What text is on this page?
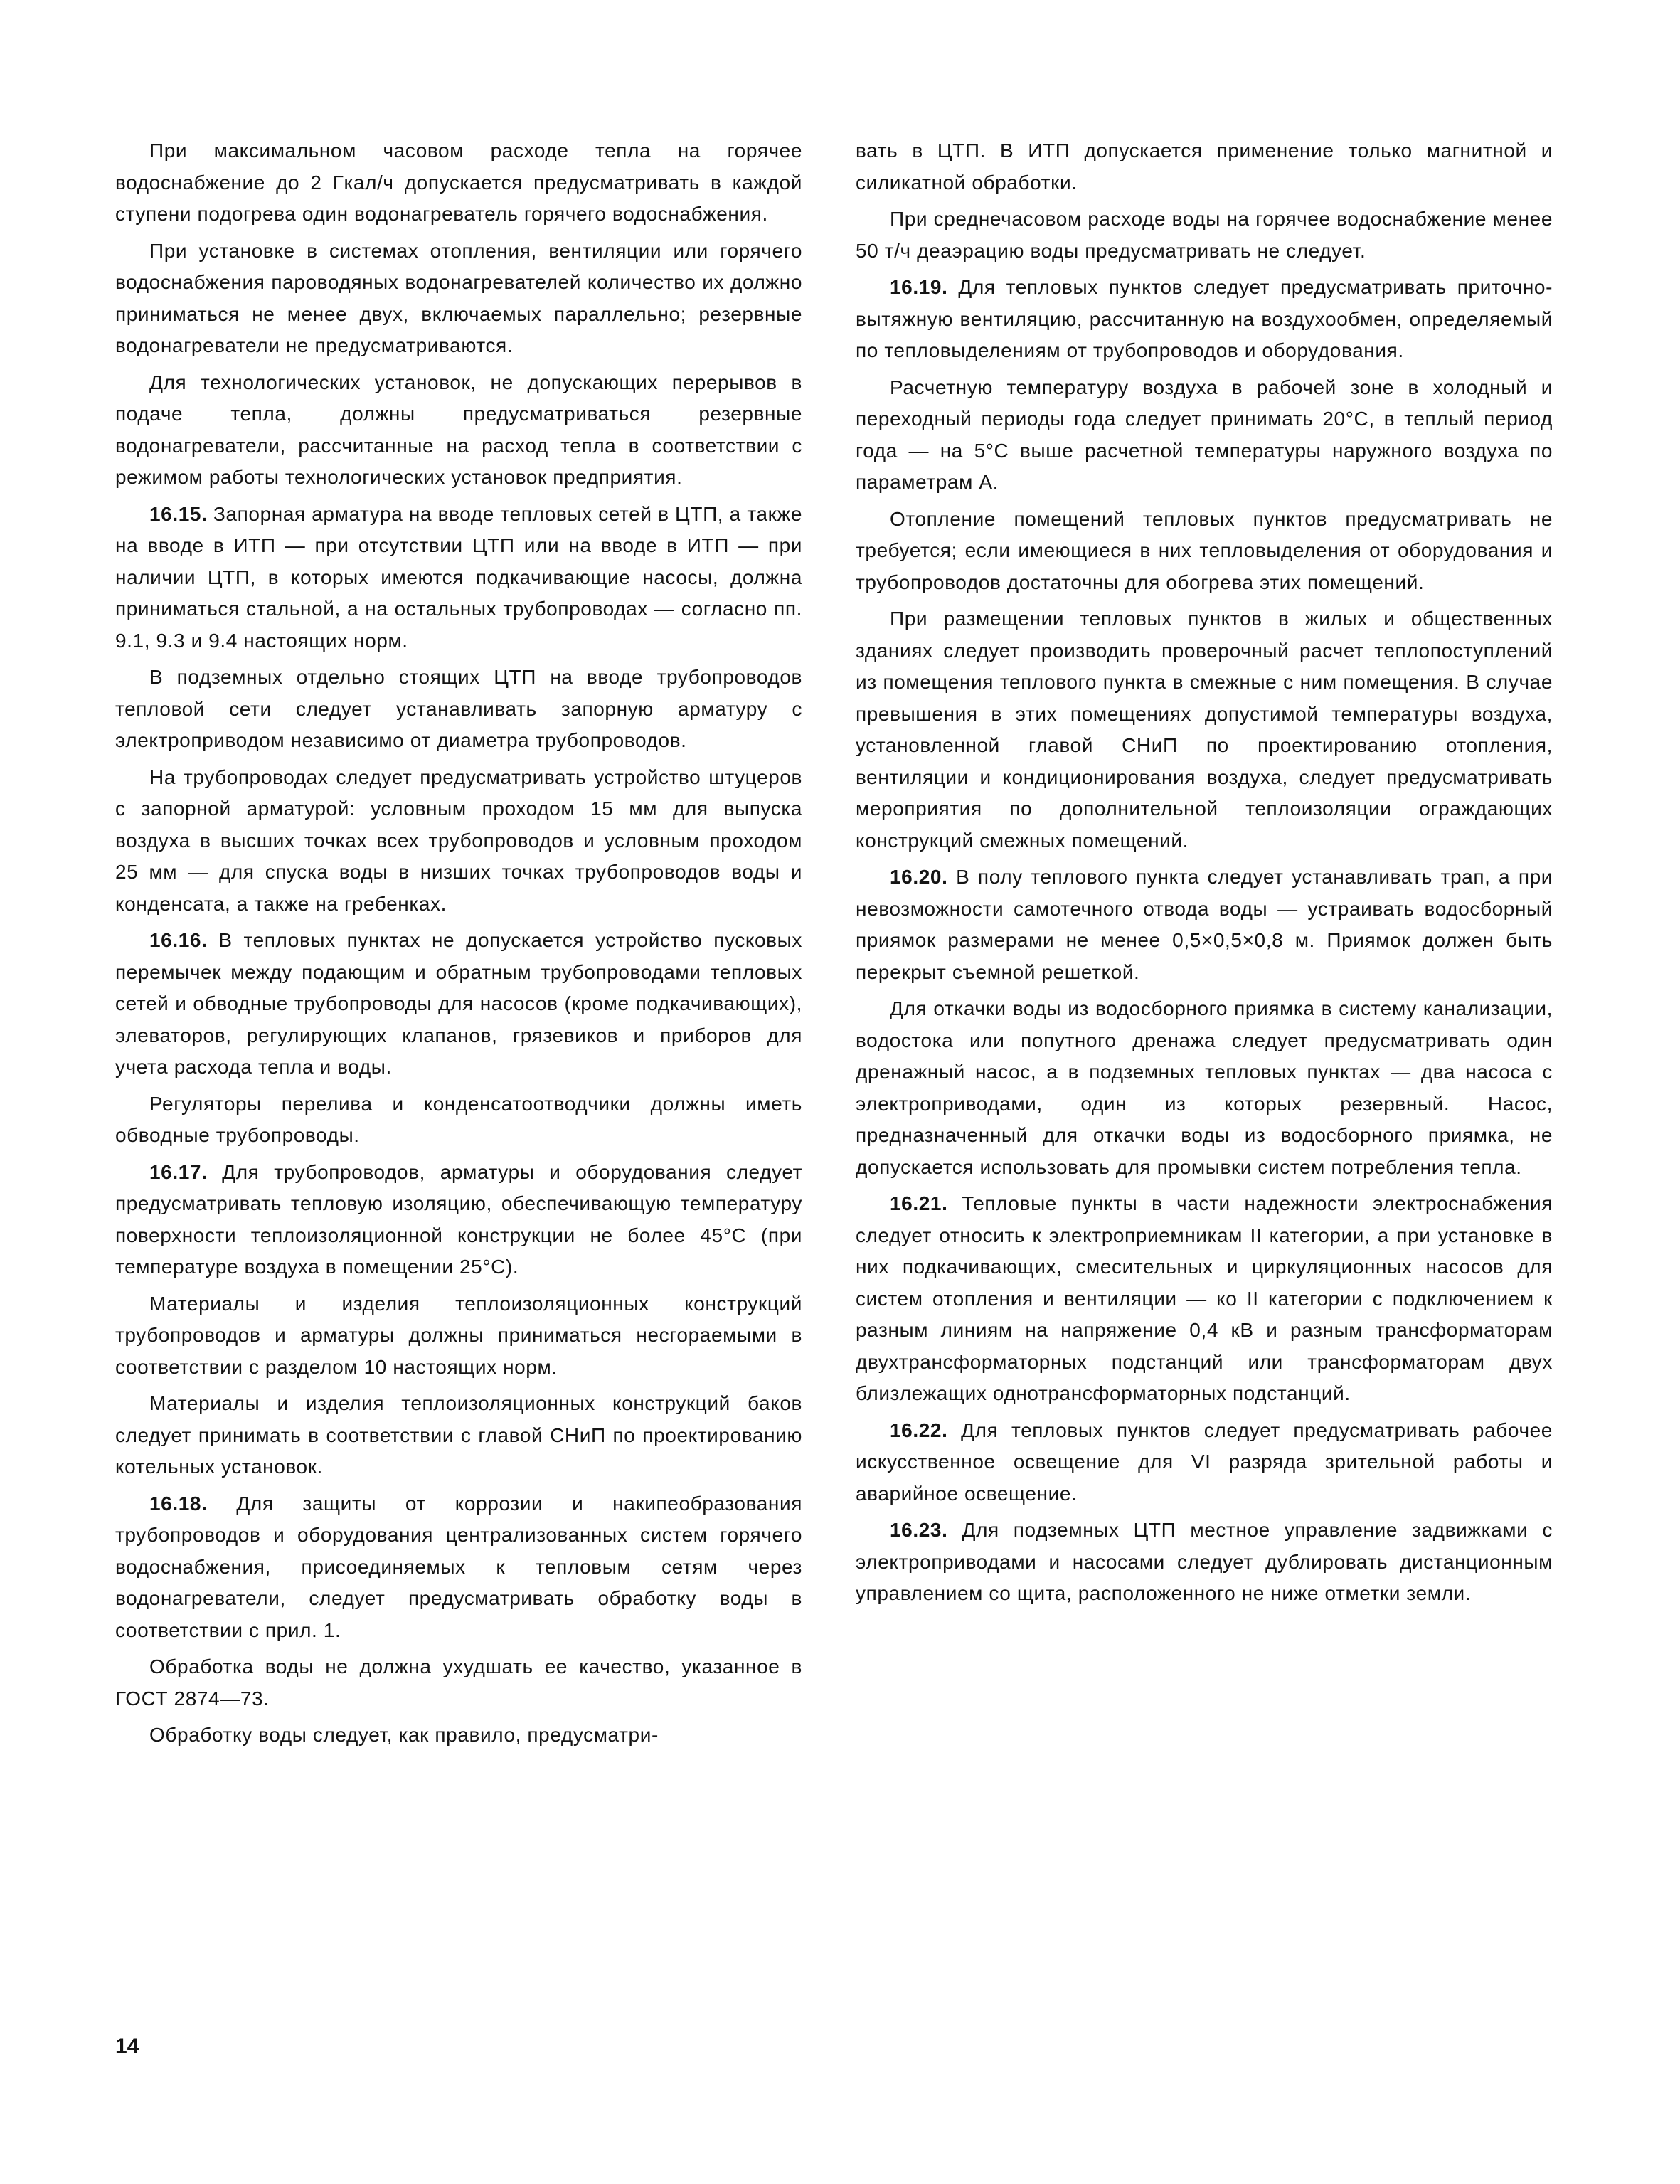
При максимальном часовом расходе тепла на горячее водоснабжение до 2 Гкал/ч допускается предусматривать в каждой ступени подогрева один водонагреватель горячего водоснабжения.

При установке в системах отопления, вентиляции или горячего водоснабжения пароводяных водонагревателей количество их должно приниматься не менее двух, включаемых параллельно; резервные водонагреватели не предусматриваются.

Для технологических установок, не допускающих перерывов в подаче тепла, должны предусматриваться резервные водонагреватели, рассчитанные на расход тепла в соответствии с режимом работы технологических установок предприятия.

16.15. Запорная арматура на вводе тепловых сетей в ЦТП, а также на вводе в ИТП — при отсутствии ЦТП или на вводе в ИТП — при наличии ЦТП, в которых имеются подкачивающие насосы, должна приниматься стальной, а на остальных трубопроводах — согласно пп. 9.1, 9.3 и 9.4 настоящих норм.

В подземных отдельно стоящих ЦТП на вводе трубопроводов тепловой сети следует устанавливать запорную арматуру с электроприводом независимо от диаметра трубопроводов.

На трубопроводах следует предусматривать устройство штуцеров с запорной арматурой: условным проходом 15 мм для выпуска воздуха в высших точках всех трубопроводов и условным проходом 25 мм — для спуска воды в низших точках трубопроводов воды и конденсата, а также на гребенках.

16.16. В тепловых пунктах не допускается устройство пусковых перемычек между подающим и обратным трубопроводами тепловых сетей и обводные трубопроводы для насосов (кроме подкачивающих), элеваторов, регулирующих клапанов, грязевиков и приборов для учета расхода тепла и воды.

Регуляторы перелива и конденсатоотводчики должны иметь обводные трубопроводы.

16.17. Для трубопроводов, арматуры и оборудования следует предусматривать тепловую изоляцию, обеспечивающую температуру поверхности теплоизоляционной конструкции не более 45°С (при температуре воздуха в помещении 25°С).

Материалы и изделия теплоизоляционных конструкций трубопроводов и арматуры должны приниматься несгораемыми в соответствии с разделом 10 настоящих норм.

Материалы и изделия теплоизоляционных конструкций баков следует принимать в соответствии с главой СНиП по проектированию котельных установок.

16.18. Для защиты от коррозии и накипеобразования трубопроводов и оборудования централизованных систем горячего водоснабжения, присоединяемых к тепловым сетям через водонагреватели, следует предусматривать обработку воды в соответствии с прил. 1.

Обработка воды не должна ухудшать ее качество, указанное в ГОСТ 2874—73.

Обработку воды следует, как правило, предусматри-

вать в ЦТП. В ИТП допускается применение только магнитной и силикатной обработки.

При среднечасовом расходе воды на горячее водоснабжение менее 50 т/ч деаэрацию воды предусматривать не следует.

16.19. Для тепловых пунктов следует предусматривать приточно-вытяжную вентиляцию, рассчитанную на воздухообмен, определяемый по тепловыделениям от трубопроводов и оборудования.

Расчетную температуру воздуха в рабочей зоне в холодный и переходный периоды года следует принимать 20°С, в теплый период года — на 5°С выше расчетной температуры наружного воздуха по параметрам А.

Отопление помещений тепловых пунктов предусматривать не требуется; если имеющиеся в них тепловыделения от оборудования и трубопроводов достаточны для обогрева этих помещений.

При размещении тепловых пунктов в жилых и общественных зданиях следует производить проверочный расчет теплопоступлений из помещения теплового пункта в смежные с ним помещения. В случае превышения в этих помещениях допустимой температуры воздуха, установленной главой СНиП по проектированию отопления, вентиляции и кондиционирования воздуха, следует предусматривать мероприятия по дополнительной теплоизоляции ограждающих конструкций смежных помещений.

16.20. В полу теплового пункта следует устанавливать трап, а при невозможности самотечного отвода воды — устраивать водосборный приямок размерами не менее 0,5×0,5×0,8 м. Приямок должен быть перекрыт съемной решеткой.

Для откачки воды из водосборного приямка в систему канализации, водостока или попутного дренажа следует предусматривать один дренажный насос, а в подземных тепловых пунктах — два насоса с электроприводами, один из которых резервный. Насос, предназначенный для откачки воды из водосборного приямка, не допускается использовать для промывки систем потребления тепла.

16.21. Тепловые пункты в части надежности электроснабжения следует относить к электроприемникам II категории, а при установке в них подкачивающих, смесительных и циркуляционных насосов для систем отопления и вентиляции — ко II категории с подключением к разным линиям на напряжение 0,4 кВ и разным трансформаторам двухтрансформаторных подстанций или трансформаторам двух близлежащих однотрансформаторных подстанций.

16.22. Для тепловых пунктов следует предусматривать рабочее искусственное освещение для VI разряда зрительной работы и аварийное освещение.

16.23. Для подземных ЦТП местное управление задвижками с электроприводами и насосами следует дублировать дистанционным управлением со щита, расположенного не ниже отметки земли.

14
